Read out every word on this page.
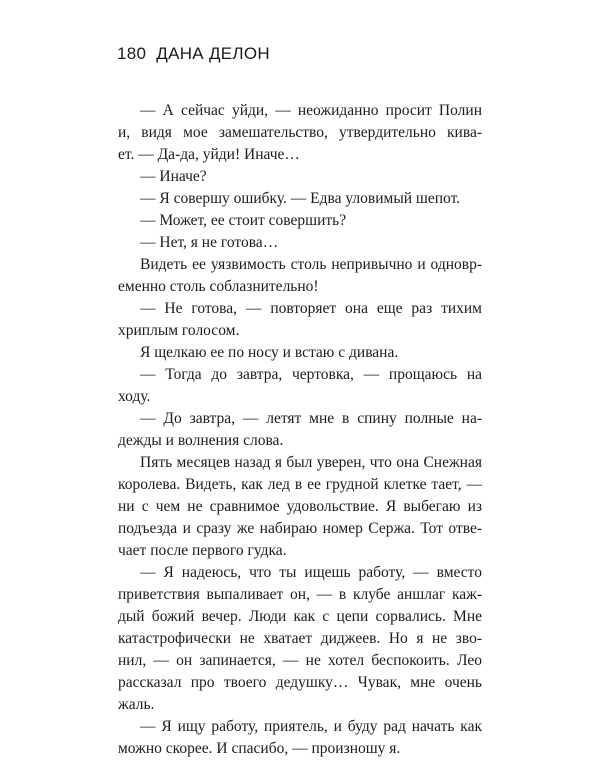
180 ДАНА ДЕЛОН
— А сейчас уйди, — неожиданно просит Полин
и, видя мое замешательство, утвердительно кива-
ет. — Да-да, уйди! Иначе…
— Иначе?
— Я совершу ошибку. — Едва уловимый шепот.
— Может, ее стоит совершить?
— Нет, я не готова…
Видеть ее уязвимость столь непривычно и одновр-
еменно столь соблазнительно!
— Не готова, — повторяет она еще раз тихим
хриплым голосом.
Я щелкаю ее по носу и встаю с дивана.
— Тогда до завтра, чертовка, — прощаюсь на
ходу.
— До завтра, — летят мне в спину полные на-
дежды и волнения слова.
Пять месяцев назад я был уверен, что она Снежная
королева. Видеть, как лед в ее грудной клетке тает, —
ни с чем не сравнимое удовольствие. Я выбегаю из
подъезда и сразу же набираю номер Сержа. Тот отве-
чает после первого гудка.
— Я надеюсь, что ты ищешь работу, — вместо
приветствия выпаливает он, — в клубе аншлаг каж-
дый божий вечер. Люди как с цепи сорвались. Мне
катастрофически не хватает диджеев. Но я не зво-
нил, — он запинается, — не хотел беспокоить. Лео
рассказал про твоего дедушку… Чувак, мне очень
жаль.
— Я ищу работу, приятель, и буду рад начать как
можно скорее. И спасибо, — произношу я.
